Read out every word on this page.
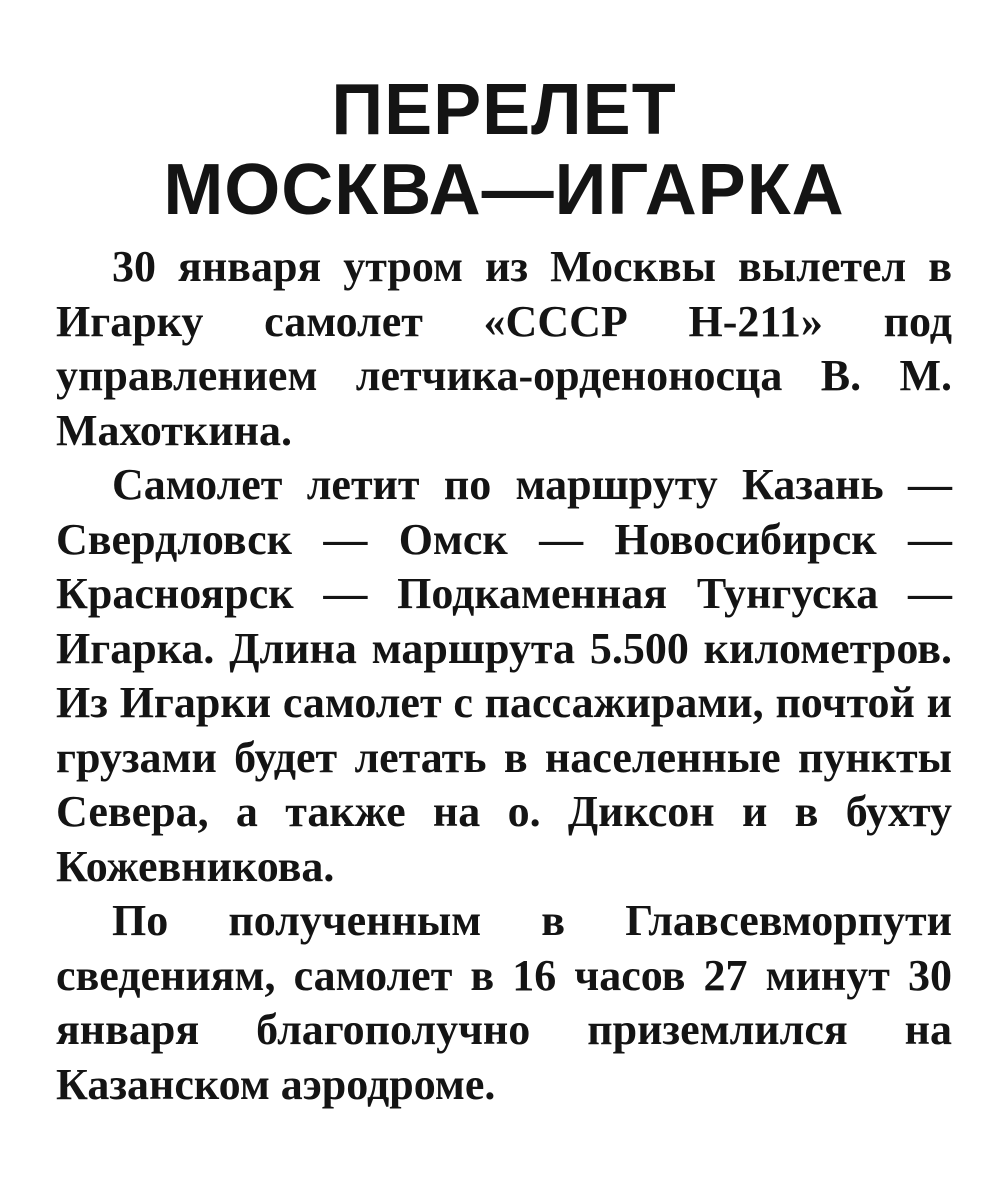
ПЕРЕЛЕТ
МОСКВА—ИГАРКА

30 января утром из Москвы вылетел в Игарку самолет «СССР Н-211» под управлением летчика-орденоносца В. М. Махоткина.

Самолет летит по маршруту Казань — Свердловск — Омск — Новосибирск — Красноярск — Подкаменная Тунгуска — Игарка. Длина маршрута 5.500 километров. Из Игарки самолет с пассажирами, почтой и грузами будет летать в населенные пункты Севера, а также на о. Диксон и в бухту Кожевникова.

По полученным в Главсевморпути сведениям, самолет в 16 часов 27 минут 30 января благополучно приземлился на Казанском аэродроме.
